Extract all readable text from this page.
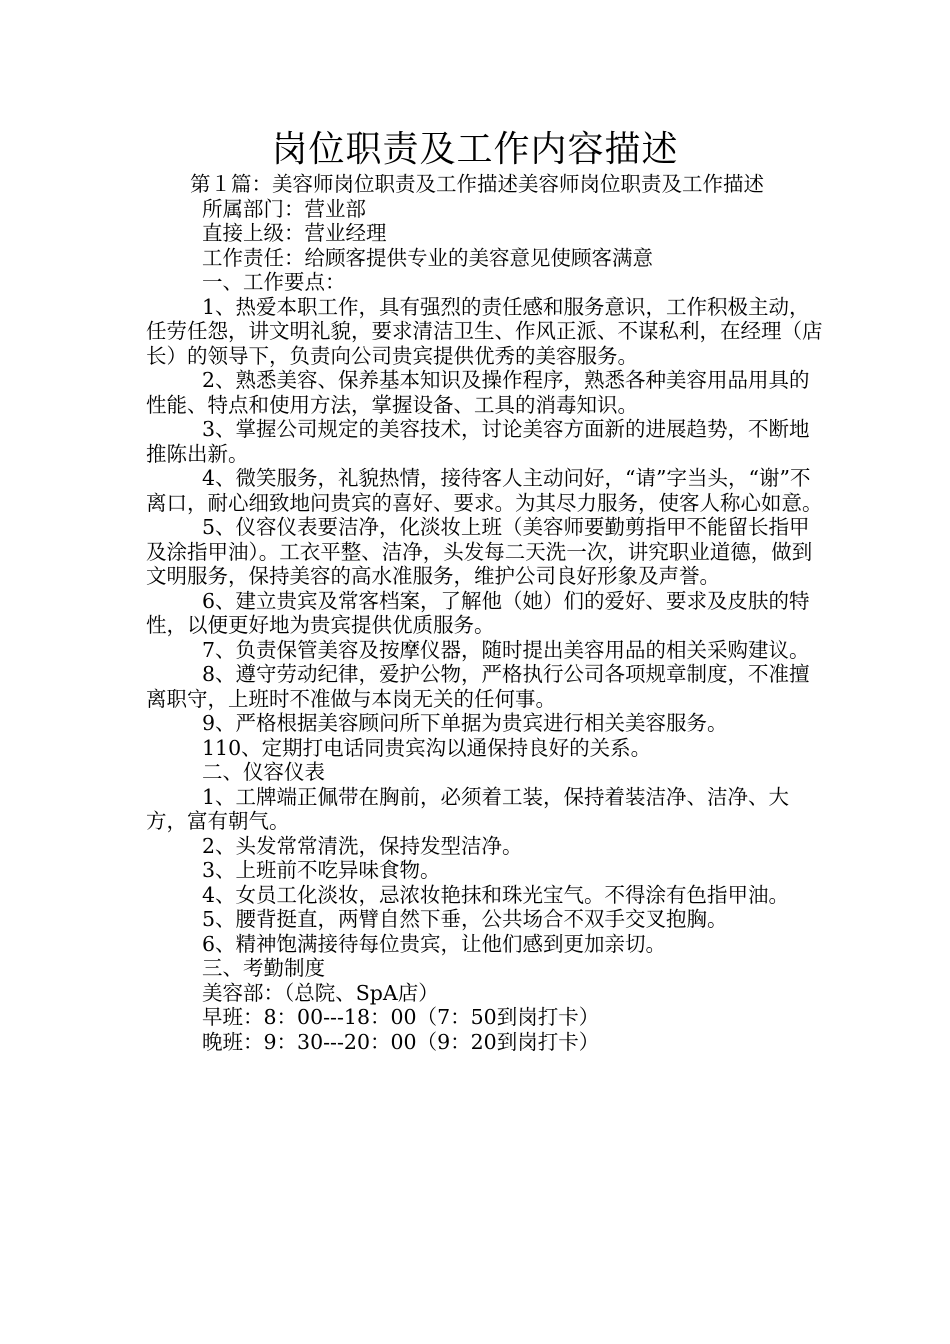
岗位职责及工作内容描述

第１篇：美容师岗位职责及工作描述美容师岗位职责及工作描述

所属部门：营业部

直接上级：营业经理

工作责任：给顾客提供专业的美容意见使顾客满意

一、工作要点：

1、热爱本职工作，具有强烈的责任感和服务意识，工作积极主动，任劳任怨，讲文明礼貌，要求清洁卫生、作风正派、不谋私利，在经理（店长）的领导下，负责向公司贵宾提供优秀的美容服务。

2、熟悉美容、保养基本知识及操作程序，熟悉各种美容用品用具的性能、特点和使用方法，掌握设备、工具的消毒知识。

3、掌握公司规定的美容技术，讨论美容方面新的进展趋势，不断地推陈出新。

4、微笑服务，礼貌热情，接待客人主动问好，“请”字当头，“谢”不离口，耐心细致地问贵宾的喜好、要求。为其尽力服务，使客人称心如意。

5、仪容仪表要洁净，化淡妆上班（美容师要勤剪指甲不能留长指甲及涂指甲油）。工衣平整、洁净，头发每二天洗一次，讲究职业道德，做到文明服务，保持美容的高水准服务，维护公司良好形象及声誉。

6、建立贵宾及常客档案，了解他（她）们的爱好、要求及皮肤的特性，以便更好地为贵宾提供优质服务。

7、负责保管美容及按摩仪器，随时提出美容用品的相关采购建议。

8、遵守劳动纪律，爱护公物，严格执行公司各项规章制度，不准擅离职守，上班时不准做与本岗无关的任何事。

9、严格根据美容顾问所下单据为贵宾进行相关美容服务。

110、定期打电话同贵宾沟以通保持良好的关系。

二、仪容仪表

1、工牌端正佩带在胸前，必须着工装，保持着装洁净、洁净、大方，富有朝气。

2、头发常常清洗，保持发型洁净。

3、上班前不吃异味食物。

4、女员工化淡妆，忌浓妆艳抹和珠光宝气。不得涂有色指甲油。

5、腰背挺直，两臂自然下垂，公共场合不双手交叉抱胸。

6、精神饱满接待每位贵宾，让他们感到更加亲切。

三、考勤制度

美容部：（总院、SpA店）

早班：8：00---18：00（7：50到岗打卡）

晚班：9：30---20：00（9：20到岗打卡）
